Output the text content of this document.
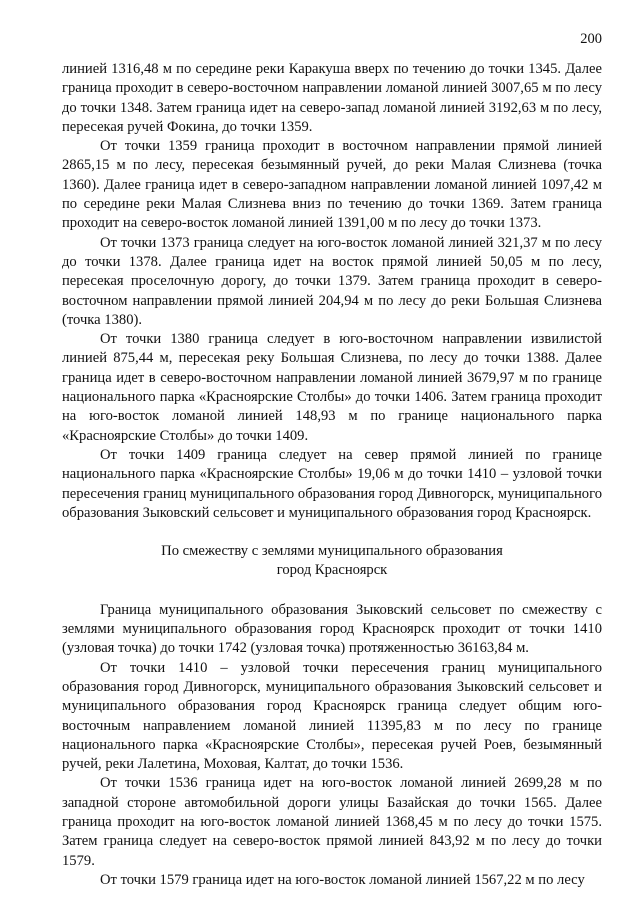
200

линией 1316,48 м по середине реки Каракуша вверх по течению до точки 1345. Далее граница проходит в северо-восточном направлении ломаной линией 3007,65 м по лесу до точки 1348. Затем граница идет на северо-запад ломаной линией 3192,63 м по лесу, пересекая ручей Фокина, до точки 1359.

От точки 1359 граница проходит в восточном направлении прямой линией 2865,15 м по лесу, пересекая безымянный ручей, до реки Малая Слизнева (точка 1360). Далее граница идет в северо-западном направлении ломаной линией 1097,42 м по середине реки Малая Слизнева вниз по течению до точки 1369. Затем граница проходит на северо-восток ломаной линией 1391,00 м по лесу до точки 1373.

От точки 1373 граница следует на юго-восток ломаной линией 321,37 м по лесу до точки 1378. Далее граница идет на восток прямой линией 50,05 м по лесу, пересекая проселочную дорогу, до точки 1379. Затем граница проходит в северо-восточном направлении прямой линией 204,94 м по лесу до реки Большая Слизнева (точка 1380).

От точки 1380 граница следует в юго-восточном направлении извилистой линией 875,44 м, пересекая реку Большая Слизнева, по лесу до точки 1388. Далее граница идет в северо-восточном направлении ломаной линией 3679,97 м по границе национального парка «Красноярские Столбы» до точки 1406. Затем граница проходит на юго-восток ломаной линией 148,93 м по границе национального парка «Красноярские Столбы» до точки 1409.

От точки 1409 граница следует на север прямой линией по границе национального парка «Красноярские Столбы» 19,06 м до точки 1410 – узловой точки пересечения границ муниципального образования город Дивногорск, муниципального образования Зыковский сельсовет и муниципального образования город Красноярск.

По смежеству с землями муниципального образования
город Красноярск

Граница муниципального образования Зыковский сельсовет по смежеству с землями муниципального образования город Красноярск проходит от точки 1410 (узловая точка) до точки 1742 (узловая точка) протяженностью 36163,84 м.

От точки 1410 – узловой точки пересечения границ муниципального образования город Дивногорск, муниципального образования Зыковский сельсовет и муниципального образования город Красноярск граница следует общим юго-восточным направлением ломаной линией 11395,83 м по лесу по границе национального парка «Красноярские Столбы», пересекая ручей Роев, безымянный ручей, реки Лалетина, Моховая, Калтат, до точки 1536.

От точки 1536 граница идет на юго-восток ломаной линией 2699,28 м по западной стороне автомобильной дороги улицы Базайская до точки 1565. Далее граница проходит на юго-восток ломаной линией 1368,45 м по лесу до точки 1575. Затем граница следует на северо-восток прямой линией 843,92 м по лесу до точки 1579.

От точки 1579 граница идет на юго-восток ломаной линией 1567,22 м по лесу
